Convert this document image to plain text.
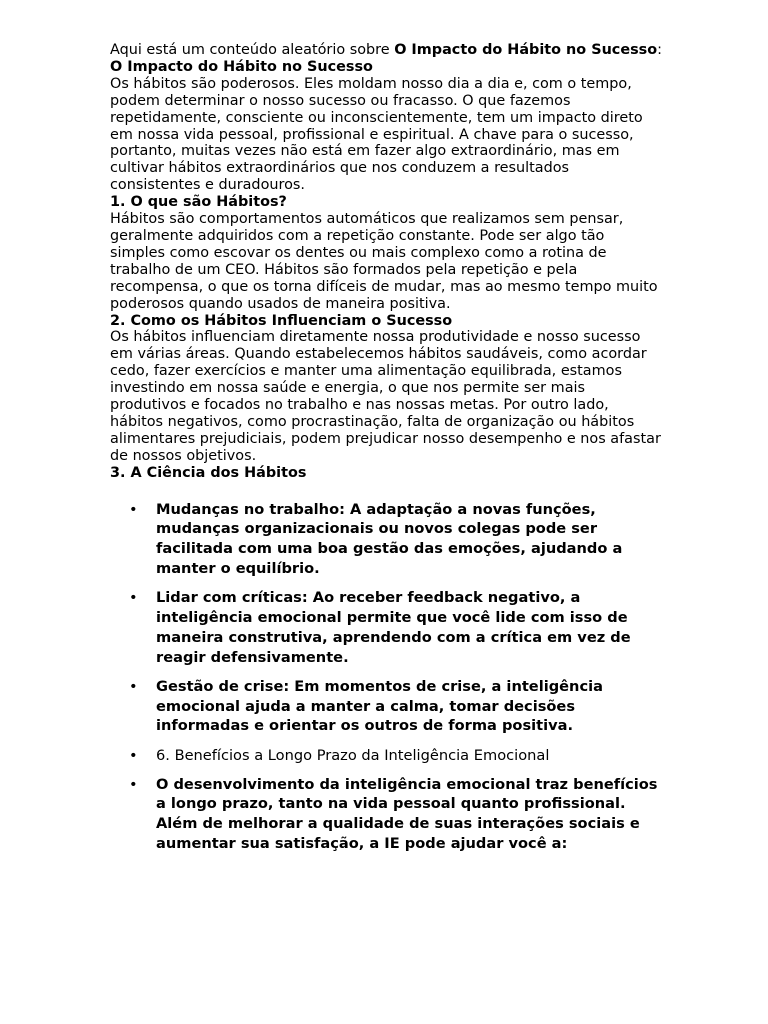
Aqui está um conteúdo aleatório sobre O Impacto do Hábito no Sucesso:

O Impacto do Hábito no Sucesso

Os hábitos são poderosos. Eles moldam nosso dia a dia e, com o tempo, podem determinar o nosso sucesso ou fracasso. O que fazemos repetidamente, consciente ou inconscientemente, tem um impacto direto em nossa vida pessoal, profissional e espiritual. A chave para o sucesso, portanto, muitas vezes não está em fazer algo extraordinário, mas em cultivar hábitos extraordinários que nos conduzem a resultados consistentes e duradouros.

1. O que são Hábitos?

Hábitos são comportamentos automáticos que realizamos sem pensar, geralmente adquiridos com a repetição constante. Pode ser algo tão simples como escovar os dentes ou mais complexo como a rotina de trabalho de um CEO. Hábitos são formados pela repetição e pela recompensa, o que os torna difíceis de mudar, mas ao mesmo tempo muito poderosos quando usados de maneira positiva.

2. Como os Hábitos Influenciam o Sucesso

Os hábitos influenciam diretamente nossa produtividade e nosso sucesso em várias áreas. Quando estabelecemos hábitos saudáveis, como acordar cedo, fazer exercícios e manter uma alimentação equilibrada, estamos investindo em nossa saúde e energia, o que nos permite ser mais produtivos e focados no trabalho e nas nossas metas. Por outro lado, hábitos negativos, como procrastinação, falta de organização ou hábitos alimentares prejudiciais, podem prejudicar nosso desempenho e nos afastar de nossos objetivos.

3. A Ciência dos Hábitos

• Mudanças no trabalho: A adaptação a novas funções, mudanças organizacionais ou novos colegas pode ser facilitada com uma boa gestão das emoções, ajudando a manter o equilíbrio.
• Lidar com críticas: Ao receber feedback negativo, a inteligência emocional permite que você lide com isso de maneira construtiva, aprendendo com a crítica em vez de reagir defensivamente.
• Gestão de crise: Em momentos de crise, a inteligência emocional ajuda a manter a calma, tomar decisões informadas e orientar os outros de forma positiva.
• 6. Benefícios a Longo Prazo da Inteligência Emocional
• O desenvolvimento da inteligência emocional traz benefícios a longo prazo, tanto na vida pessoal quanto profissional. Além de melhorar a qualidade de suas interações sociais e aumentar sua satisfação, a IE pode ajudar você a:
